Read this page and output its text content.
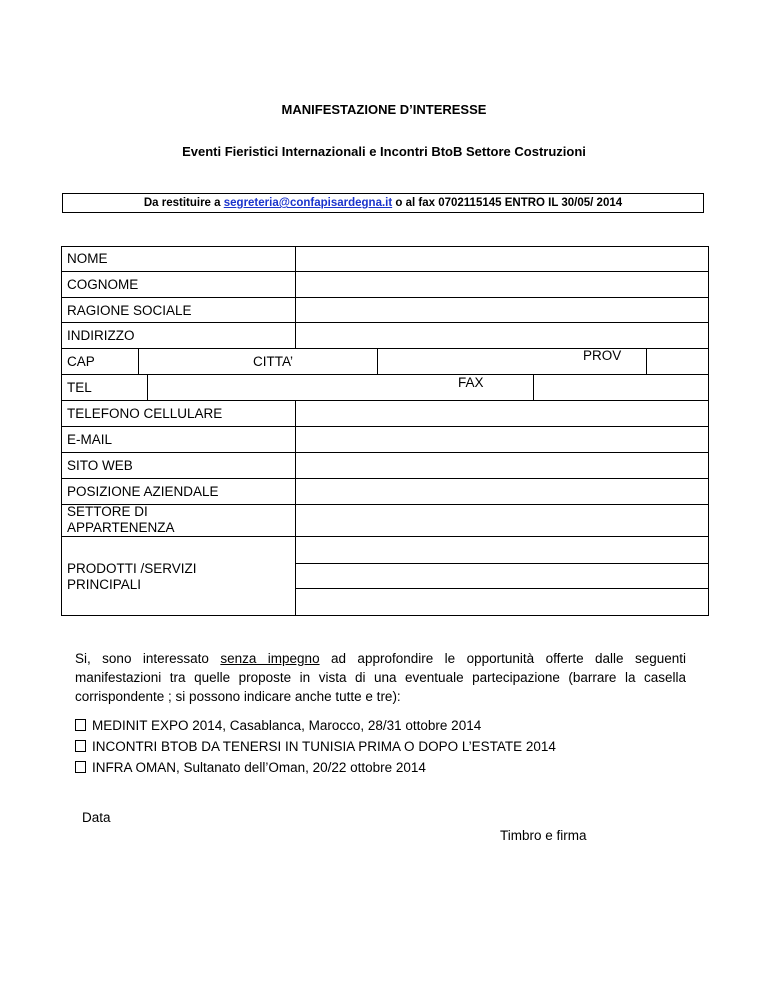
MANIFESTAZIONE D’INTERESSE
Eventi Fieristici Internazionali e Incontri BtoB Settore Costruzioni
Da restituire a segreteria@confapisardegna.it o al fax 0702115145 ENTRO IL 30/05/ 2014
NOME
COGNOME
RAGIONE SOCIALE
INDIRIZZO
CAP	CITTA’	PROV
TEL	FAX
TELEFONO CELLULARE
E-MAIL
SITO WEB
POSIZIONE AZIENDALE
SETTORE DI
APPARTENENZA
PRODOTTI /SERVIZI
PRINCIPALI
Si, sono interessato senza impegno ad approfondire le opportunità offerte dalle seguenti manifestazioni tra quelle proposte in vista di una eventuale partecipazione (barrare la casella corrispondente ; si possono indicare anche tutte e tre):
MEDINIT EXPO 2014, Casablanca, Marocco, 28/31 ottobre 2014
INCONTRI BTOB DA TENERSI IN TUNISIA PRIMA O DOPO L’ESTATE 2014
INFRA OMAN, Sultanato dell’Oman, 20/22 ottobre 2014
Data
Timbro e firma
